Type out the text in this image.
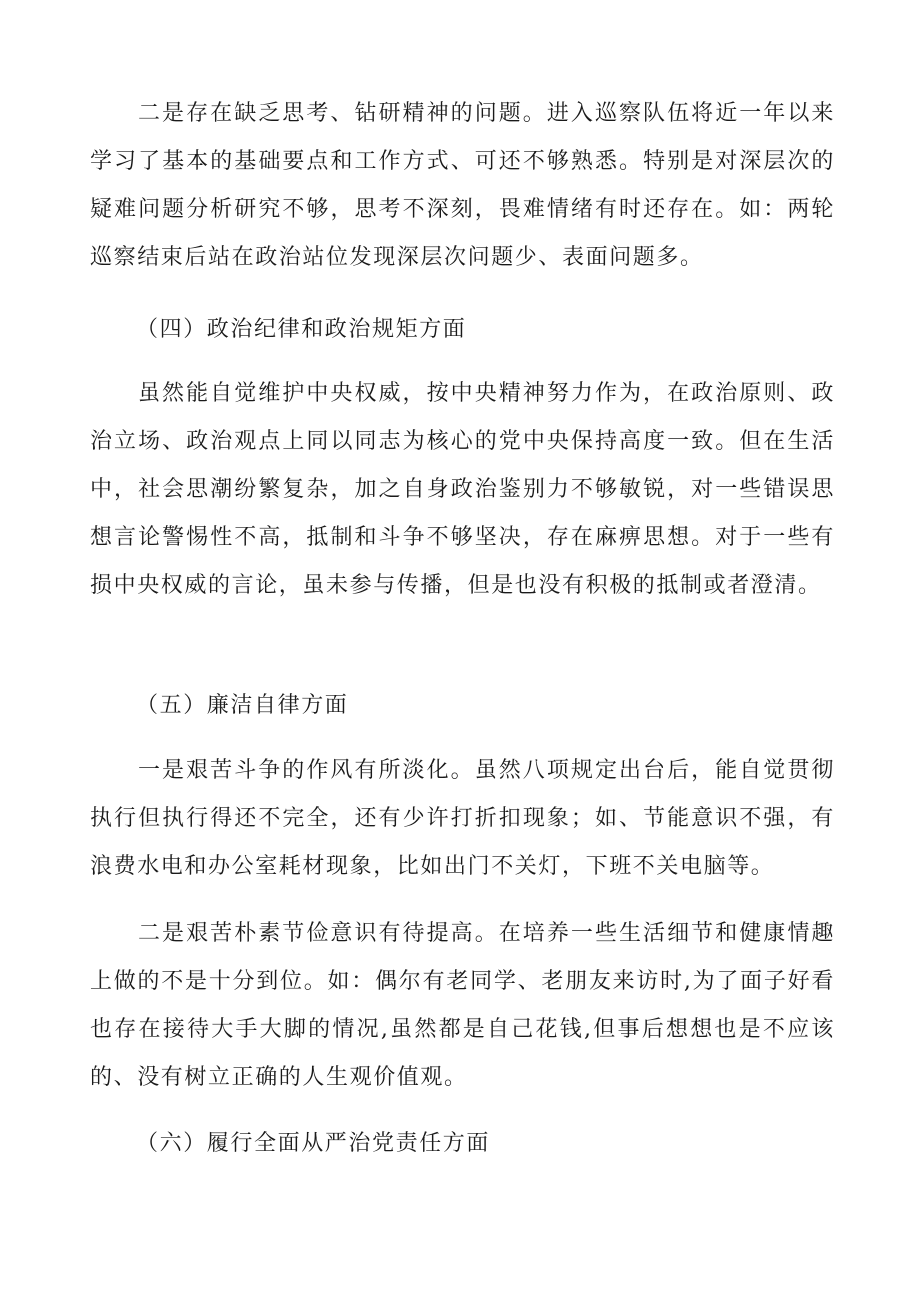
二是存在缺乏思考、钻研精神的问题。进入巡察队伍将近一年以来学习了基本的基础要点和工作方式、可还不够熟悉。特别是对深层次的疑难问题分析研究不够，思考不深刻，畏难情绪有时还存在。如：两轮巡察结束后站在政治站位发现深层次问题少、表面问题多。

（四）政治纪律和政治规矩方面

虽然能自觉维护中央权威，按中央精神努力作为，在政治原则、政治立场、政治观点上同以同志为核心的党中央保持高度一致。但在生活中，社会思潮纷繁复杂，加之自身政治鉴别力不够敏锐，对一些错误思想言论警惕性不高，抵制和斗争不够坚决，存在麻痹思想。对于一些有损中央权威的言论，虽未参与传播，但是也没有积极的抵制或者澄清。

（五）廉洁自律方面

一是艰苦斗争的作风有所淡化。虽然八项规定出台后，能自觉贯彻执行但执行得还不完全，还有少许打折扣现象；如、节能意识不强，有浪费水电和办公室耗材现象，比如出门不关灯，下班不关电脑等。

二是艰苦朴素节俭意识有待提高。在培养一些生活细节和健康情趣上做的不是十分到位。如：偶尔有老同学、老朋友来访时,为了面子好看也存在接待大手大脚的情况,虽然都是自己花钱,但事后想想也是不应该的、没有树立正确的人生观价值观。

（六）履行全面从严治党责任方面
